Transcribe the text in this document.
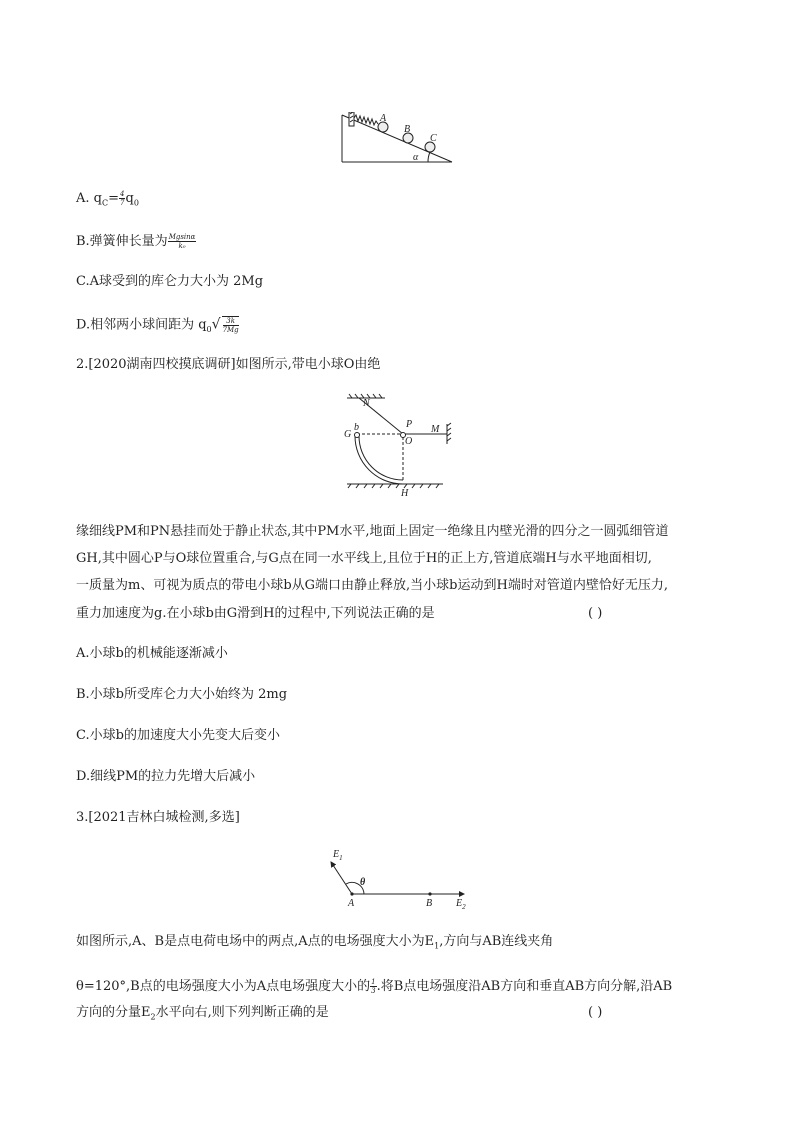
A
B
C
α
A. $q_C= \frac{4}{7} q_0$
B.弹簧伸长量为 $\frac{Mgsin\alpha}{\text{k₀}}$
C.A球受到的库仑力大小为 2Mg
D.相邻两小球间距为 $q_0√ \frac{3k}{7Mg}$
2.[2020湖南四校摸底调研]如图所示,带电小球O由绝
N
P M
G
b
O
H
缘细线PM和PN悬挂而处于静止状态,其中PM水平,地面上固定一绝缘且内壁光滑的四分之一圆弧细管道
GH,其中圆心P与O球位置重合,与G点在同一水平线上,且位于H的正上方,管道底端H与水平地面相切,
一质量为m、可视为质点的带电小球b从G端口由静止释放,当小球b运动到H端时对管道内壁恰好无压力,
重力加速度为g.在小球b由G滑到H的过程中,下列说法正确的是	( )
A.小球b的机械能逐渐减小
B.小球b所受库仑力大小始终为 2mg
C.小球b的加速度大小先变大后变小
D.细线PM的拉力先增大后减小
3.[2021吉林白城检测,多选]
$E_1$
θ
A	B $E_2$
如图所示,A、B是点电荷电场中的两点,A点的电场强度大小为$E_1$,方向与AB连线夹角
θ=120°,B点的电场强度大小为A点电场强度大小的 $\frac{1}{3}$ .将B点电场强度沿AB方向和垂直AB方向分解,沿AB
方向的分量$E_2$水平向右,则下列判断正确的是	( )
